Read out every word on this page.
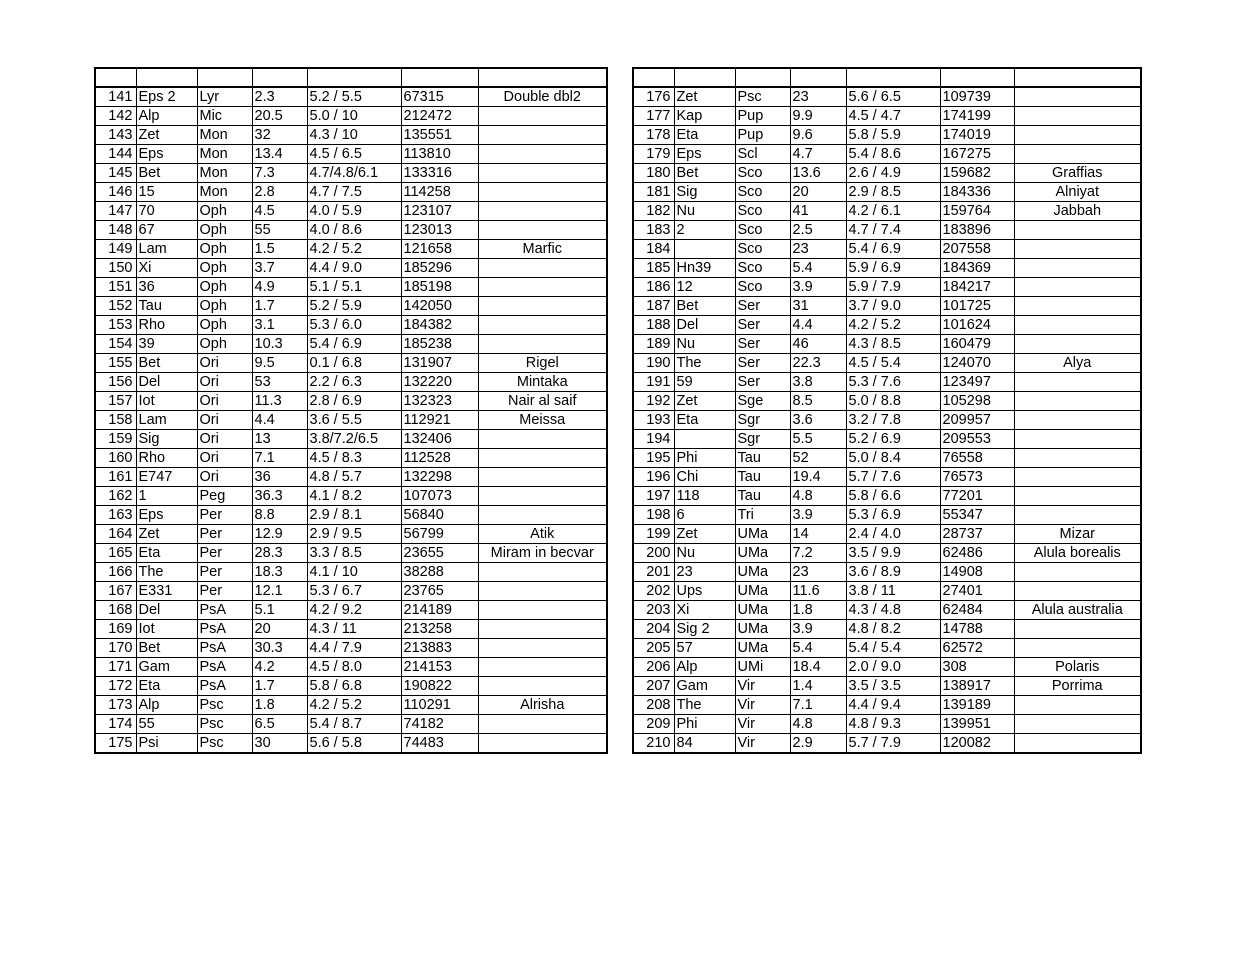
141	Eps 2	Lyr	2.3	5.2 / 5.5	67315	Double dbl2
142	Alp	Mic	20.5	5.0 / 10	212472	
143	Zet	Mon	32	4.3 / 10	135551	
144	Eps	Mon	13.4	4.5 / 6.5	113810	
145	Bet	Mon	7.3	4.7/4.8/6.1	133316	
146	15	Mon	2.8	4.7 / 7.5	114258	
147	70	Oph	4.5	4.0 / 5.9	123107	
148	67	Oph	55	4.0 / 8.6	123013	
149	Lam	Oph	1.5	4.2 / 5.2	121658	Marfic
150	Xi	Oph	3.7	4.4 / 9.0	185296	
151	36	Oph	4.9	5.1 / 5.1	185198	
152	Tau	Oph	1.7	5.2 / 5.9	142050	
153	Rho	Oph	3.1	5.3 / 6.0	184382	
154	39	Oph	10.3	5.4 / 6.9	185238	
155	Bet	Ori	9.5	0.1 / 6.8	131907	Rigel
156	Del	Ori	53	2.2 / 6.3	132220	Mintaka
157	Iot	Ori	11.3	2.8 / 6.9	132323	Nair al saif
158	Lam	Ori	4.4	3.6 / 5.5	112921	Meissa
159	Sig	Ori	13	3.8/7.2/6.5	132406	
160	Rho	Ori	7.1	4.5 / 8.3	112528	
161	E747	Ori	36	4.8 / 5.7	132298	
162	1	Peg	36.3	4.1 / 8.2	107073	
163	Eps	Per	8.8	2.9 / 8.1	56840	
164	Zet	Per	12.9	2.9 / 9.5	56799	Atik
165	Eta	Per	28.3	3.3 / 8.5	23655	Miram in becvar
166	The	Per	18.3	4.1 / 10	38288	
167	E331	Per	12.1	5.3 / 6.7	23765	
168	Del	PsA	5.1	4.2 / 9.2	214189	
169	Iot	PsA	20	4.3 / 11	213258	
170	Bet	PsA	30.3	4.4 / 7.9	213883	
171	Gam	PsA	4.2	4.5 / 8.0	214153	
172	Eta	PsA	1.7	5.8 / 6.8	190822	
173	Alp	Psc	1.8	4.2 / 5.2	110291	Alrisha
174	55	Psc	6.5	5.4 / 8.7	74182	
175	Psi	Psc	30	5.6 / 5.8	74483	

176	Zet	Psc	23	5.6 / 6.5	109739	
177	Kap	Pup	9.9	4.5 / 4.7	174199	
178	Eta	Pup	9.6	5.8 / 5.9	174019	
179	Eps	Scl	4.7	5.4 / 8.6	167275	
180	Bet	Sco	13.6	2.6 / 4.9	159682	Graffias
181	Sig	Sco	20	2.9 / 8.5	184336	Alniyat
182	Nu	Sco	41	4.2 / 6.1	159764	Jabbah
183	2	Sco	2.5	4.7 / 7.4	183896	
184		Sco	23	5.4 / 6.9	207558	
185	Hn39	Sco	5.4	5.9 / 6.9	184369	
186	12	Sco	3.9	5.9 / 7.9	184217	
187	Bet	Ser	31	3.7 / 9.0	101725	
188	Del	Ser	4.4	4.2 / 5.2	101624	
189	Nu	Ser	46	4.3 / 8.5	160479	
190	The	Ser	22.3	4.5 / 5.4	124070	Alya
191	59	Ser	3.8	5.3 / 7.6	123497	
192	Zet	Sge	8.5	5.0 / 8.8	105298	
193	Eta	Sgr	3.6	3.2 / 7.8	209957	
194		Sgr	5.5	5.2 / 6.9	209553	
195	Phi	Tau	52	5.0 / 8.4	76558	
196	Chi	Tau	19.4	5.7 / 7.6	76573	
197	118	Tau	4.8	5.8 / 6.6	77201	
198	6	Tri	3.9	5.3 / 6.9	55347	
199	Zet	UMa	14	2.4 / 4.0	28737	Mizar
200	Nu	UMa	7.2	3.5 / 9.9	62486	Alula borealis
201	23	UMa	23	3.6 / 8.9	14908	
202	Ups	UMa	11.6	3.8 / 11	27401	
203	Xi	UMa	1.8	4.3 / 4.8	62484	Alula australia
204	Sig 2	UMa	3.9	4.8 / 8.2	14788	
205	57	UMa	5.4	5.4 / 5.4	62572	
206	Alp	UMi	18.4	2.0 / 9.0	308	Polaris
207	Gam	Vir	1.4	3.5 / 3.5	138917	Porrima
208	The	Vir	7.1	4.4 / 9.4	139189	
209	Phi	Vir	4.8	4.8 / 9.3	139951	
210	84	Vir	2.9	5.7 / 7.9	120082	
